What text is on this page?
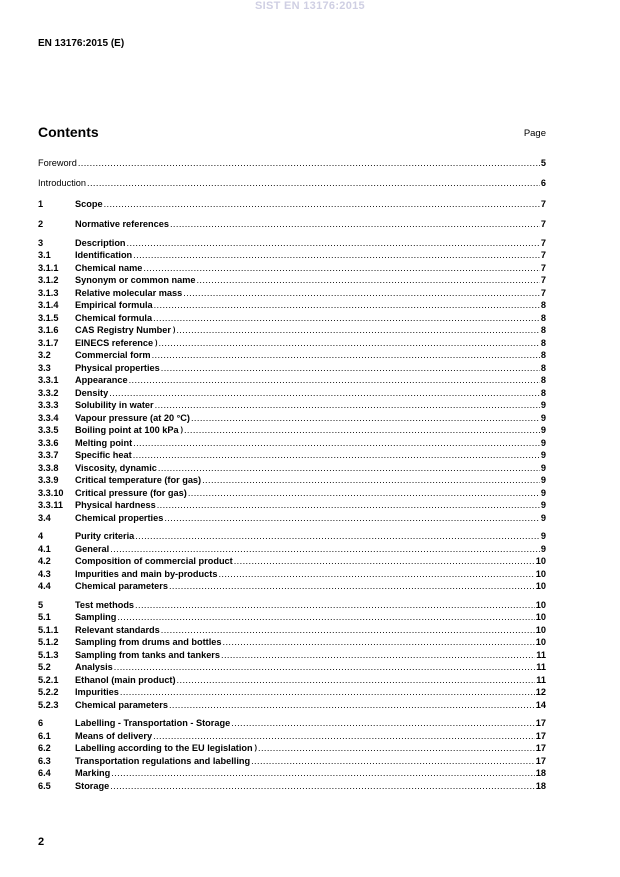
SIST EN 13176:2015
EN 13176:2015 (E)
Contents	Page
Foreword .....	5
Introduction .....	6
1	Scope .....	7
2	Normative references .....	7
3	Description .....	7
3.1	Identification .....	7
3.1.1	Chemical name .....	7
3.1.2	Synonym or common name .....	7
3.1.3	Relative molecular mass .....	7
3.1.4	Empirical formula .....	8
3.1.5	Chemical formula .....	8
3.1.6	CAS Registry Number ) .....	8
3.1.7	EINECS reference ) .....	8
3.2	Commercial form .....	8
3.3	Physical properties .....	8
3.3.1	Appearance .....	8
3.3.2	Density .....	8
3.3.3	Solubility in water .....	9
3.3.4	Vapour pressure (at 20 °C) .....	9
3.3.5	Boiling point at 100 kPa ) .....	9
3.3.6	Melting point .....	9
3.3.7	Specific heat .....	9
3.3.8	Viscosity, dynamic .....	9
3.3.9	Critical temperature (for gas) .....	9
3.3.10	Critical pressure (for gas) .....	9
3.3.11	Physical hardness .....	9
3.4	Chemical properties .....	9
4	Purity criteria .....	9
4.1	General .....	9
4.2	Composition of commercial product .....	10
4.3	Impurities and main by-products .....	10
4.4	Chemical parameters .....	10
5	Test methods .....	10
5.1	Sampling .....	10
5.1.1	Relevant standards .....	10
5.1.2	Sampling from drums and bottles .....	10
5.1.3	Sampling from tanks and tankers .....	11
5.2	Analysis .....	11
5.2.1	Ethanol (main product) .....	11
5.2.2	Impurities .....	12
5.2.3	Chemical parameters .....	14
6	Labelling - Transportation - Storage .....	17
6.1	Means of delivery .....	17
6.2	Labelling according to the EU legislation ) .....	17
6.3	Transportation regulations and labelling .....	17
6.4	Marking .....	18
6.5	Storage .....	18
2
